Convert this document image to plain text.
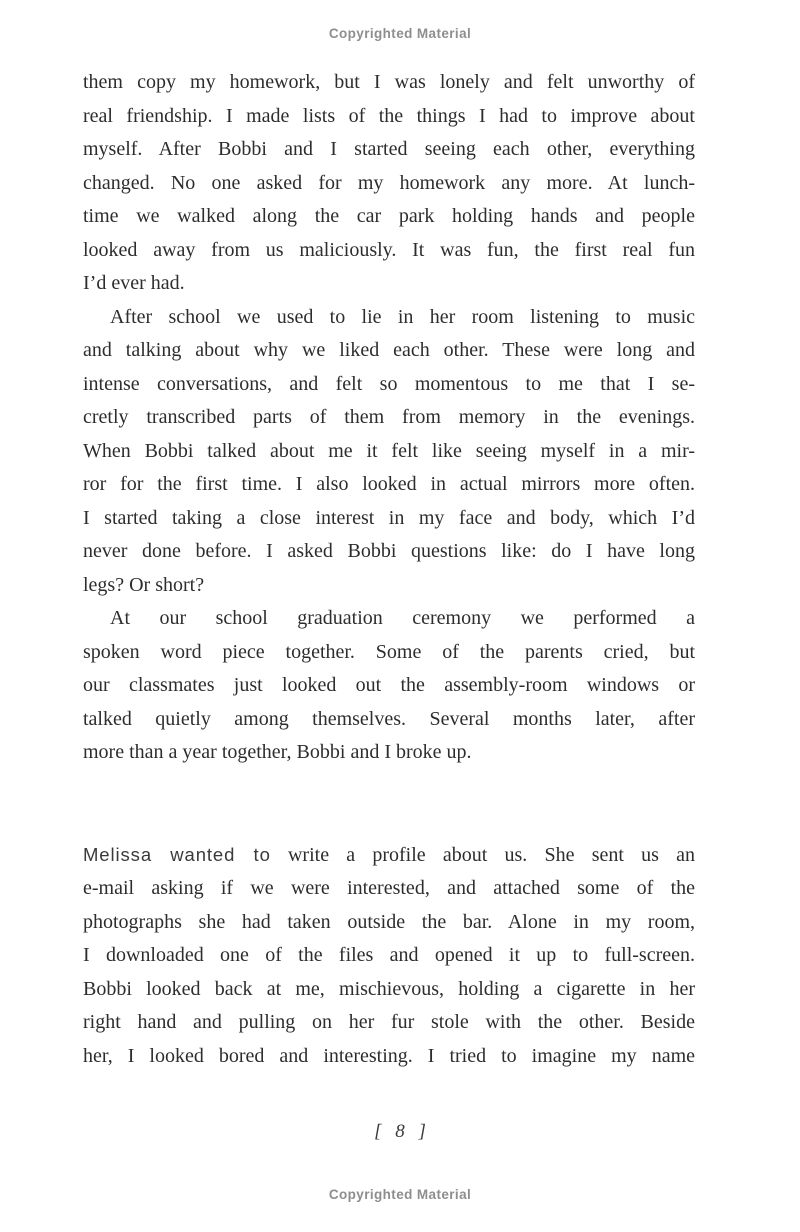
Copyrighted Material
them copy my homework, but I was lonely and felt unworthy of
real friendship. I made lists of the things I had to improve about
myself. After Bobbi and I started seeing each other, everything
changed. No one asked for my homework any more. At lunch-
time we walked along the car park holding hands and people
looked away from us maliciously. It was fun, the first real fun
I’d ever had.
After school we used to lie in her room listening to music
and talking about why we liked each other. These were long and
intense conversations, and felt so momentous to me that I se-
cretly transcribed parts of them from memory in the evenings.
When Bobbi talked about me it felt like seeing myself in a mir-
ror for the first time. I also looked in actual mirrors more often.
I started taking a close interest in my face and body, which I’d
never done before. I asked Bobbi questions like: do I have long
legs? Or short?
At our school graduation ceremony we performed a
spoken word piece together. Some of the parents cried, but
our classmates just looked out the assembly-room windows or
talked quietly among themselves. Several months later, after
more than a year together, Bobbi and I broke up.
Melissa wanted to write a profile about us. She sent us an
e-mail asking if we were interested, and attached some of the
photographs she had taken outside the bar. Alone in my room,
I downloaded one of the files and opened it up to full-screen.
Bobbi looked back at me, mischievous, holding a cigarette in her
right hand and pulling on her fur stole with the other. Beside
her, I looked bored and interesting. I tried to imagine my name
[ 8 ]
Copyrighted Material
